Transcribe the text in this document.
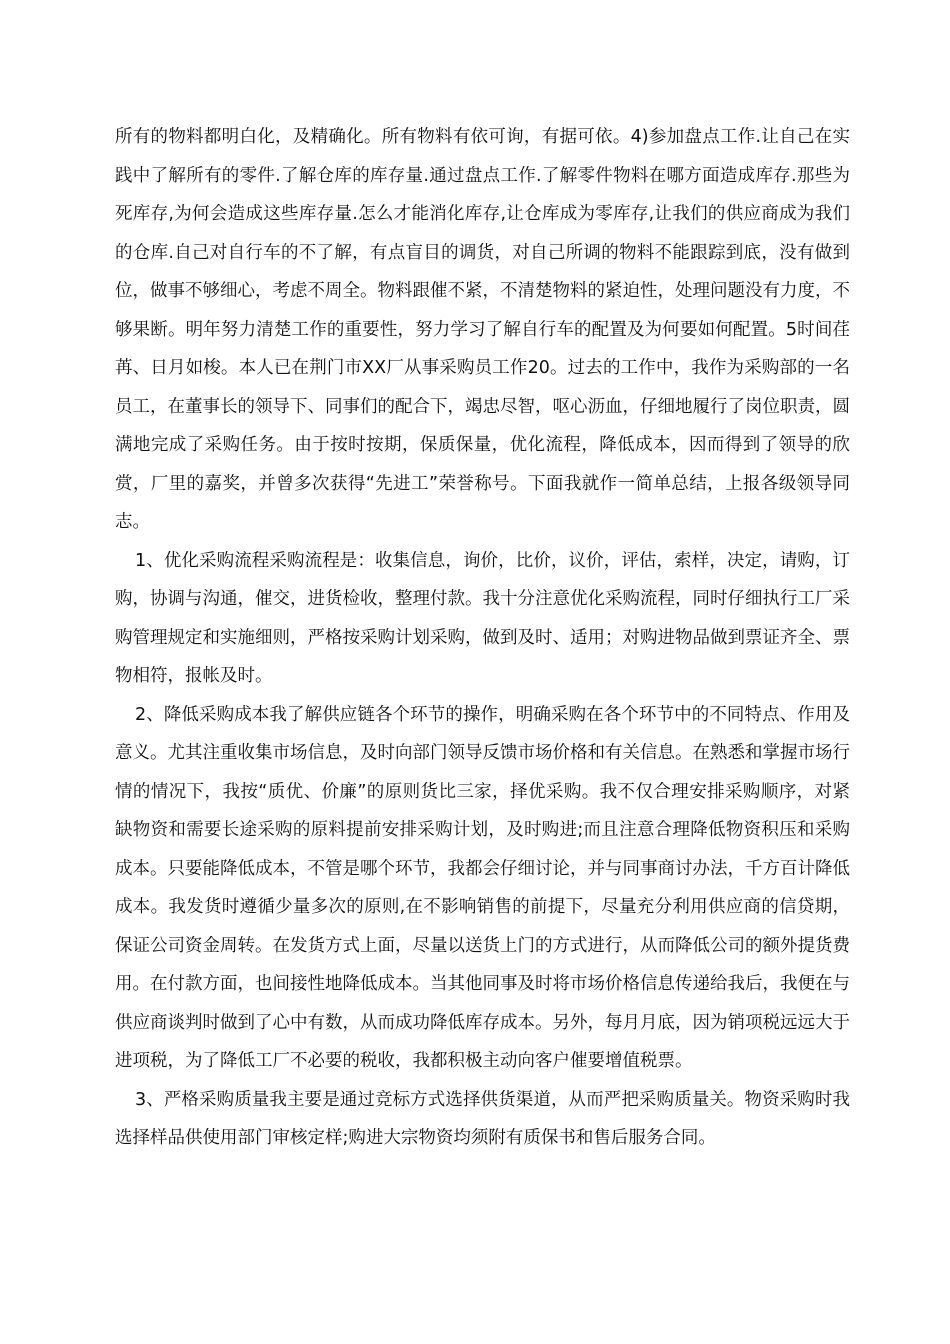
所有的物料都明白化，及精确化。所有物料有依可询，有据可依。4)参加盘点工作.让自己在实践中了解所有的零件.了解仓库的库存量.通过盘点工作.了解零件物料在哪方面造成库存.那些为死库存,为何会造成这些库存量.怎么才能消化库存,让仓库成为零库存,让我们的供应商成为我们的仓库.自己对自行车的不了解，有点盲目的调货，对自己所调的物料不能跟踪到底，没有做到位，做事不够细心，考虑不周全。物料跟催不紧，不清楚物料的紧迫性，处理问题没有力度，不够果断。明年努力清楚工作的重要性，努力学习了解自行车的配置及为何要如何配置。5时间荏苒、日月如梭。本人已在荆门市XX厂从事采购员工作20。过去的工作中，我作为采购部的一名员工，在董事长的领导下、同事们的配合下，竭忠尽智，呕心沥血，仔细地履行了岗位职责，圆满地完成了采购任务。由于按时按期，保质保量，优化流程，降低成本，因而得到了领导的欣赏，厂里的嘉奖，并曾多次获得“先进工”荣誉称号。下面我就作一简单总结，上报各级领导同志。

1、优化采购流程采购流程是：收集信息，询价，比价，议价，评估，索样，决定，请购，订购，协调与沟通，催交，进货检收，整理付款。我十分注意优化采购流程，同时仔细执行工厂采购管理规定和实施细则，严格按采购计划采购，做到及时、适用；对购进物品做到票证齐全、票物相符，报帐及时。

2、降低采购成本我了解供应链各个环节的操作，明确采购在各个环节中的不同特点、作用及意义。尤其注重收集市场信息，及时向部门领导反馈市场价格和有关信息。在熟悉和掌握市场行情的情况下，我按“质优、价廉”的原则货比三家，择优采购。我不仅合理安排采购顺序，对紧缺物资和需要长途采购的原料提前安排采购计划，及时购进;而且注意合理降低物资积压和采购成本。只要能降低成本，不管是哪个环节，我都会仔细讨论，并与同事商讨办法，千方百计降低成本。我发货时遵循少量多次的原则,在不影响销售的前提下，尽量充分利用供应商的信贷期，保证公司资金周转。在发货方式上面，尽量以送货上门的方式进行，从而降低公司的额外提货费用。在付款方面，也间接性地降低成本。当其他同事及时将市场价格信息传递给我后，我便在与供应商谈判时做到了心中有数，从而成功降低库存成本。另外，每月月底，因为销项税远远大于进项税，为了降低工厂不必要的税收，我都积极主动向客户催要增值税票。

3、严格采购质量我主要是通过竞标方式选择供货渠道，从而严把采购质量关。物资采购时我选择样品供使用部门审核定样;购进大宗物资均须附有质保书和售后服务合同。
